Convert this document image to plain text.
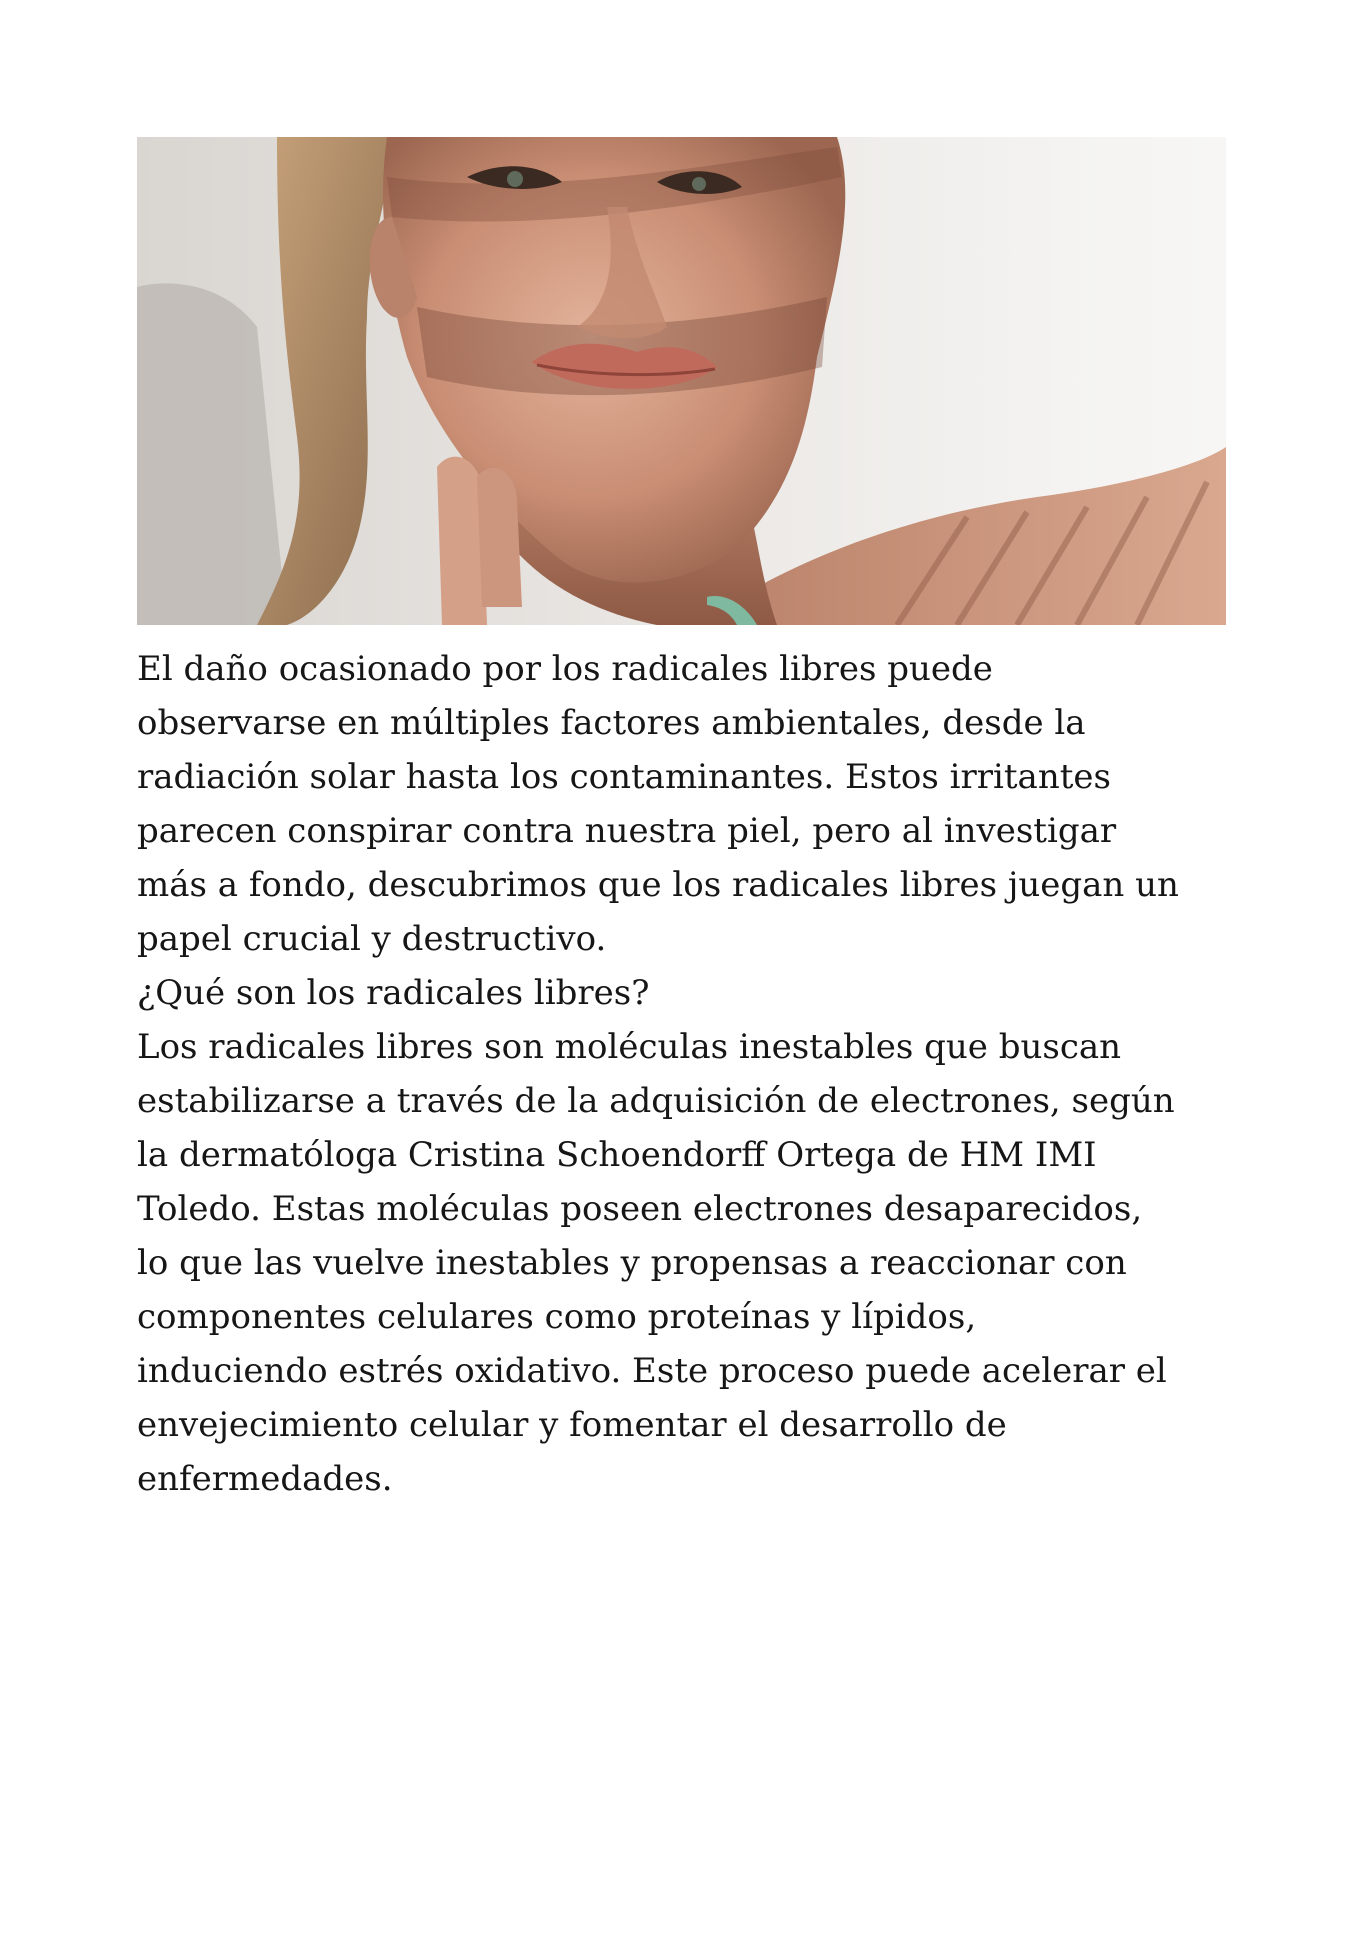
El daño ocasionado por los radicales libres puede

observarse en múltiples factores ambientales, desde la

radiación solar hasta los contaminantes. Estos irritantes

parecen conspirar contra nuestra piel, pero al investigar

más a fondo, descubrimos que los radicales libres juegan un

papel crucial y destructivo.

¿Qué son los radicales libres?

Los radicales libres son moléculas inestables que buscan

estabilizarse a través de la adquisición de electrones, según

la dermatóloga Cristina Schoendorff Ortega de HM IMI

Toledo. Estas moléculas poseen electrones desaparecidos,

lo que las vuelve inestables y propensas a reaccionar con

componentes celulares como proteínas y lípidos,

induciendo estrés oxidativo. Este proceso puede acelerar el

envejecimiento celular y fomentar el desarrollo de

enfermedades.
